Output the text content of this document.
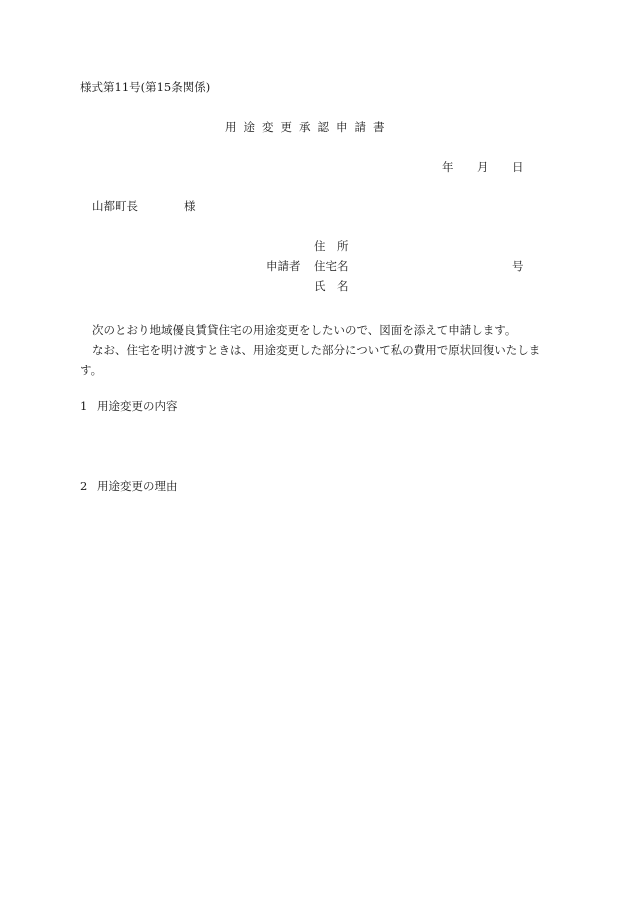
様式第11号(第15条関係)
用途変更承認申請書
年 月 日
山都町長	様
住　所
申請者 住宅名	号
氏　名

次のとおり地域優良賃貸住宅の用途変更をしたいので、図面を添えて申請します。

なお、住宅を明け渡すときは、用途変更した部分について私の費用で原状回復いたします。

1 用途変更の内容
2 用途変更の理由
